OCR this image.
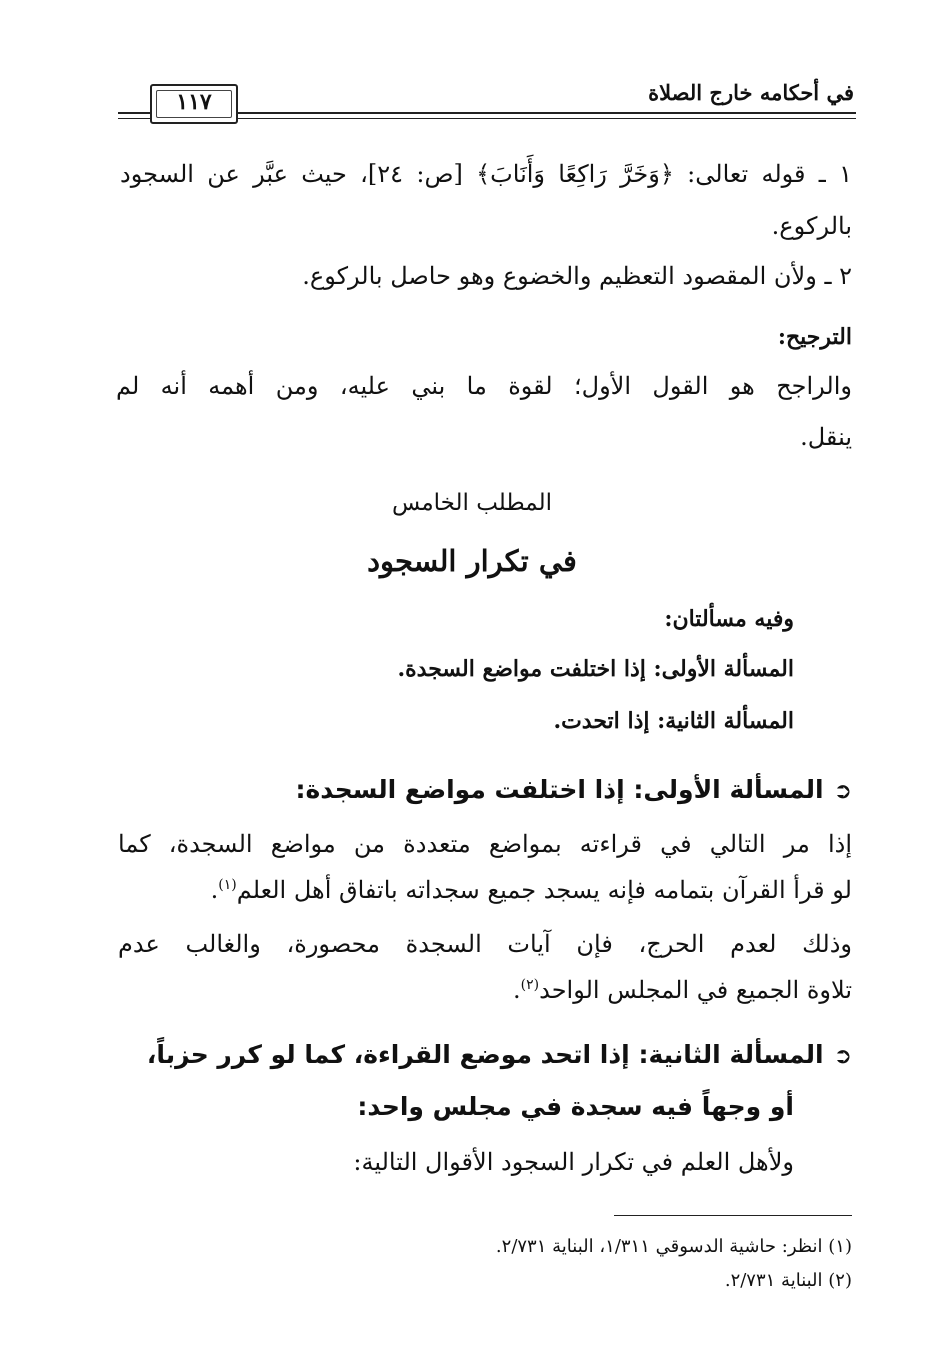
في أحكامه خارج الصلاة
١١٧
١ ـ قوله تعالى: ﴿وَخَرَّ رَاكِعًا وَأَنَابَ﴾ [ص: ٢٤]، حيث عبَّر عن السجود
بالركوع.
٢ ـ ولأن المقصود التعظيم والخضوع وهو حاصل بالركوع.
الترجيح:
والراجح هو القول الأول؛ لقوة ما بني عليه، ومن أهمه أنه لم
ينقل.
المطلب الخامس
في تكرار السجود
وفيه مسألتان:
المسألة الأولى: إذا اختلفت مواضع السجدة.
المسألة الثانية: إذا اتحدت.
➲المسألة الأولى: إذا اختلفت مواضع السجدة:
إذا مر التالي في قراءته بمواضع متعددة من مواضع السجدة، كما
لو قرأ القرآن بتمامه فإنه يسجد جميع سجداته باتفاق أهل العلم$^{(١)}$.
وذلك لعدم الحرج، فإن آيات السجدة محصورة، والغالب عدم
تلاوة الجميع في المجلس الواحد$^{(٢)}$.
➲المسألة الثانية: إذا اتحد موضع القراءة، كما لو كرر حزباً،
أو وجهاً فيه سجدة في مجلس واحد:
ولأهل العلم في تكرار السجود الأقوال التالية:
(١) انظر: حاشية الدسوقي ١/٣١١، البناية ٢/٧٣١.
(٢) البناية ٢/٧٣١.
